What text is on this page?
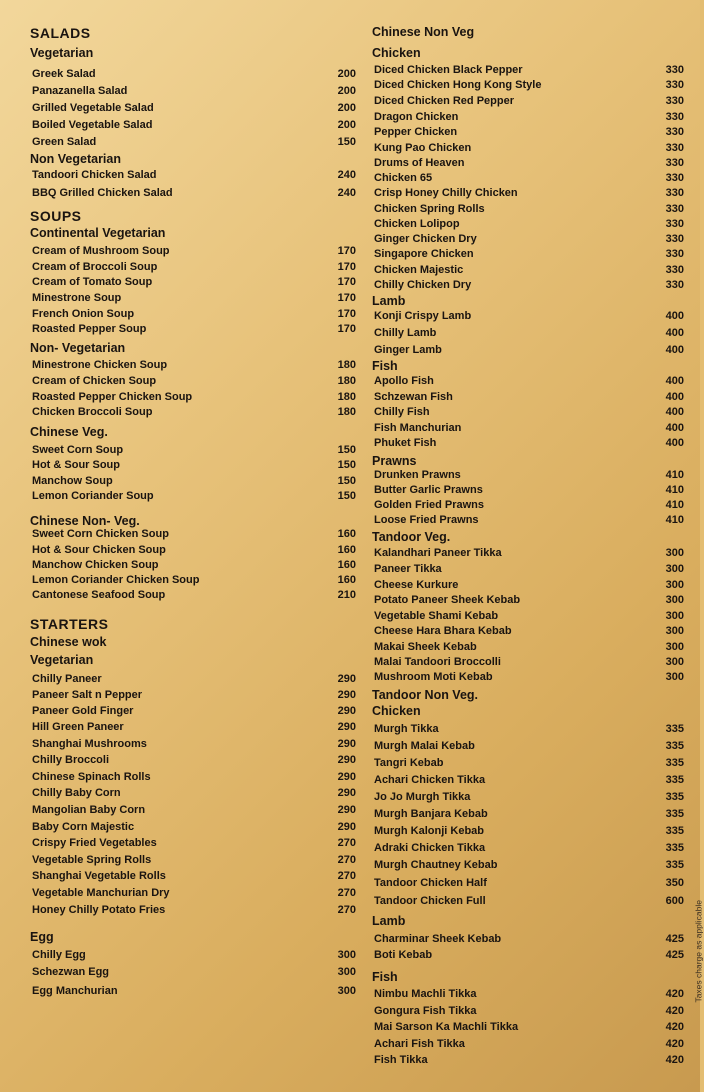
SALADS
Vegetarian
Greek Salad	200
Panazanella Salad	200
Grilled Vegetable Salad	200
Boiled Vegetable Salad	200
Green Salad	150
Non Vegetarian
Tandoori Chicken Salad	240
BBQ Grilled Chicken Salad	240
SOUPS
Continental Vegetarian
Cream of Mushroom Soup	170
Cream of Broccoli Soup	170
Cream of Tomato Soup	170
Minestrone Soup	170
French Onion Soup	170
Roasted Pepper Soup	170
Non- Vegetarian
Minestrone Chicken Soup	180
Cream of Chicken Soup	180
Roasted Pepper Chicken Soup	180
Chicken Broccoli Soup	180
Chinese Veg.
Sweet Corn Soup	150
Hot & Sour Soup	150
Manchow Soup	150
Lemon Coriander Soup	150
Chinese Non- Veg.
Sweet Corn Chicken Soup	160
Hot & Sour Chicken Soup	160
Manchow Chicken Soup	160
Lemon Coriander Chicken Soup	160
Cantonese Seafood Soup	210
STARTERS
Chinese wok
Vegetarian
Chilly Paneer	290
Paneer Salt n Pepper	290
Paneer Gold Finger	290
Hill Green Paneer	290
Shanghai Mushrooms	290
Chilly Broccoli	290
Chinese Spinach Rolls	290
Chilly Baby Corn	290
Mangolian Baby Corn	290
Baby Corn Majestic	290
Crispy Fried Vegetables	270
Vegetable Spring Rolls	270
Shanghai Vegetable Rolls	270
Vegetable Manchurian Dry	270
Honey Chilly Potato Fries	270
Egg
Chilly Egg	300
Schezwan Egg	300
Egg Manchurian	300
Chinese Non Veg
Chicken
Diced Chicken Black Pepper	330
Diced Chicken Hong Kong Style	330
Diced Chicken Red Pepper	330
Dragon Chicken	330
Pepper Chicken	330
Kung Pao Chicken	330
Drums of Heaven	330
Chicken 65	330
Crisp Honey Chilly Chicken	330
Chicken Spring Rolls	330
Chicken Lolipop	330
Ginger Chicken Dry	330
Singapore Chicken	330
Chicken Majestic	330
Chilly Chicken Dry	330
Lamb
Konji Crispy Lamb	400
Chilly Lamb	400
Ginger Lamb	400
Fish
Apollo Fish	400
Schzewan Fish	400
Chilly Fish	400
Fish Manchurian	400
Phuket Fish	400
Prawns
Drunken Prawns	410
Butter Garlic Prawns	410
Golden Fried Prawns	410
Loose Fried Prawns	410
Tandoor Veg.
Kalandhari Paneer Tikka	300
Paneer Tikka	300
Cheese Kurkure	300
Potato Paneer Sheek Kebab	300
Vegetable Shami Kebab	300
Cheese Hara Bhara Kebab	300
Makai Sheek Kebab	300
Malai Tandoori Broccolli	300
Mushroom Moti Kebab	300
Tandoor Non Veg.
Chicken
Murgh Tikka	335
Murgh Malai Kebab	335
Tangri Kebab	335
Achari Chicken Tikka	335
Jo Jo Murgh Tikka	335
Murgh Banjara Kebab	335
Murgh Kalonji Kebab	335
Adraki Chicken Tikka	335
Murgh Chautney Kebab	335
Tandoor Chicken Half	350
Tandoor Chicken Full	600
Lamb
Charminar Sheek Kebab	425
Boti Kebab	425
Fish
Nimbu Machli Tikka	420
Gongura Fish Tikka	420
Mai Sarson Ka Machli Tikka	420
Achari Fish Tikka	420
Fish Tikka	420
Taxes charge as applicable
